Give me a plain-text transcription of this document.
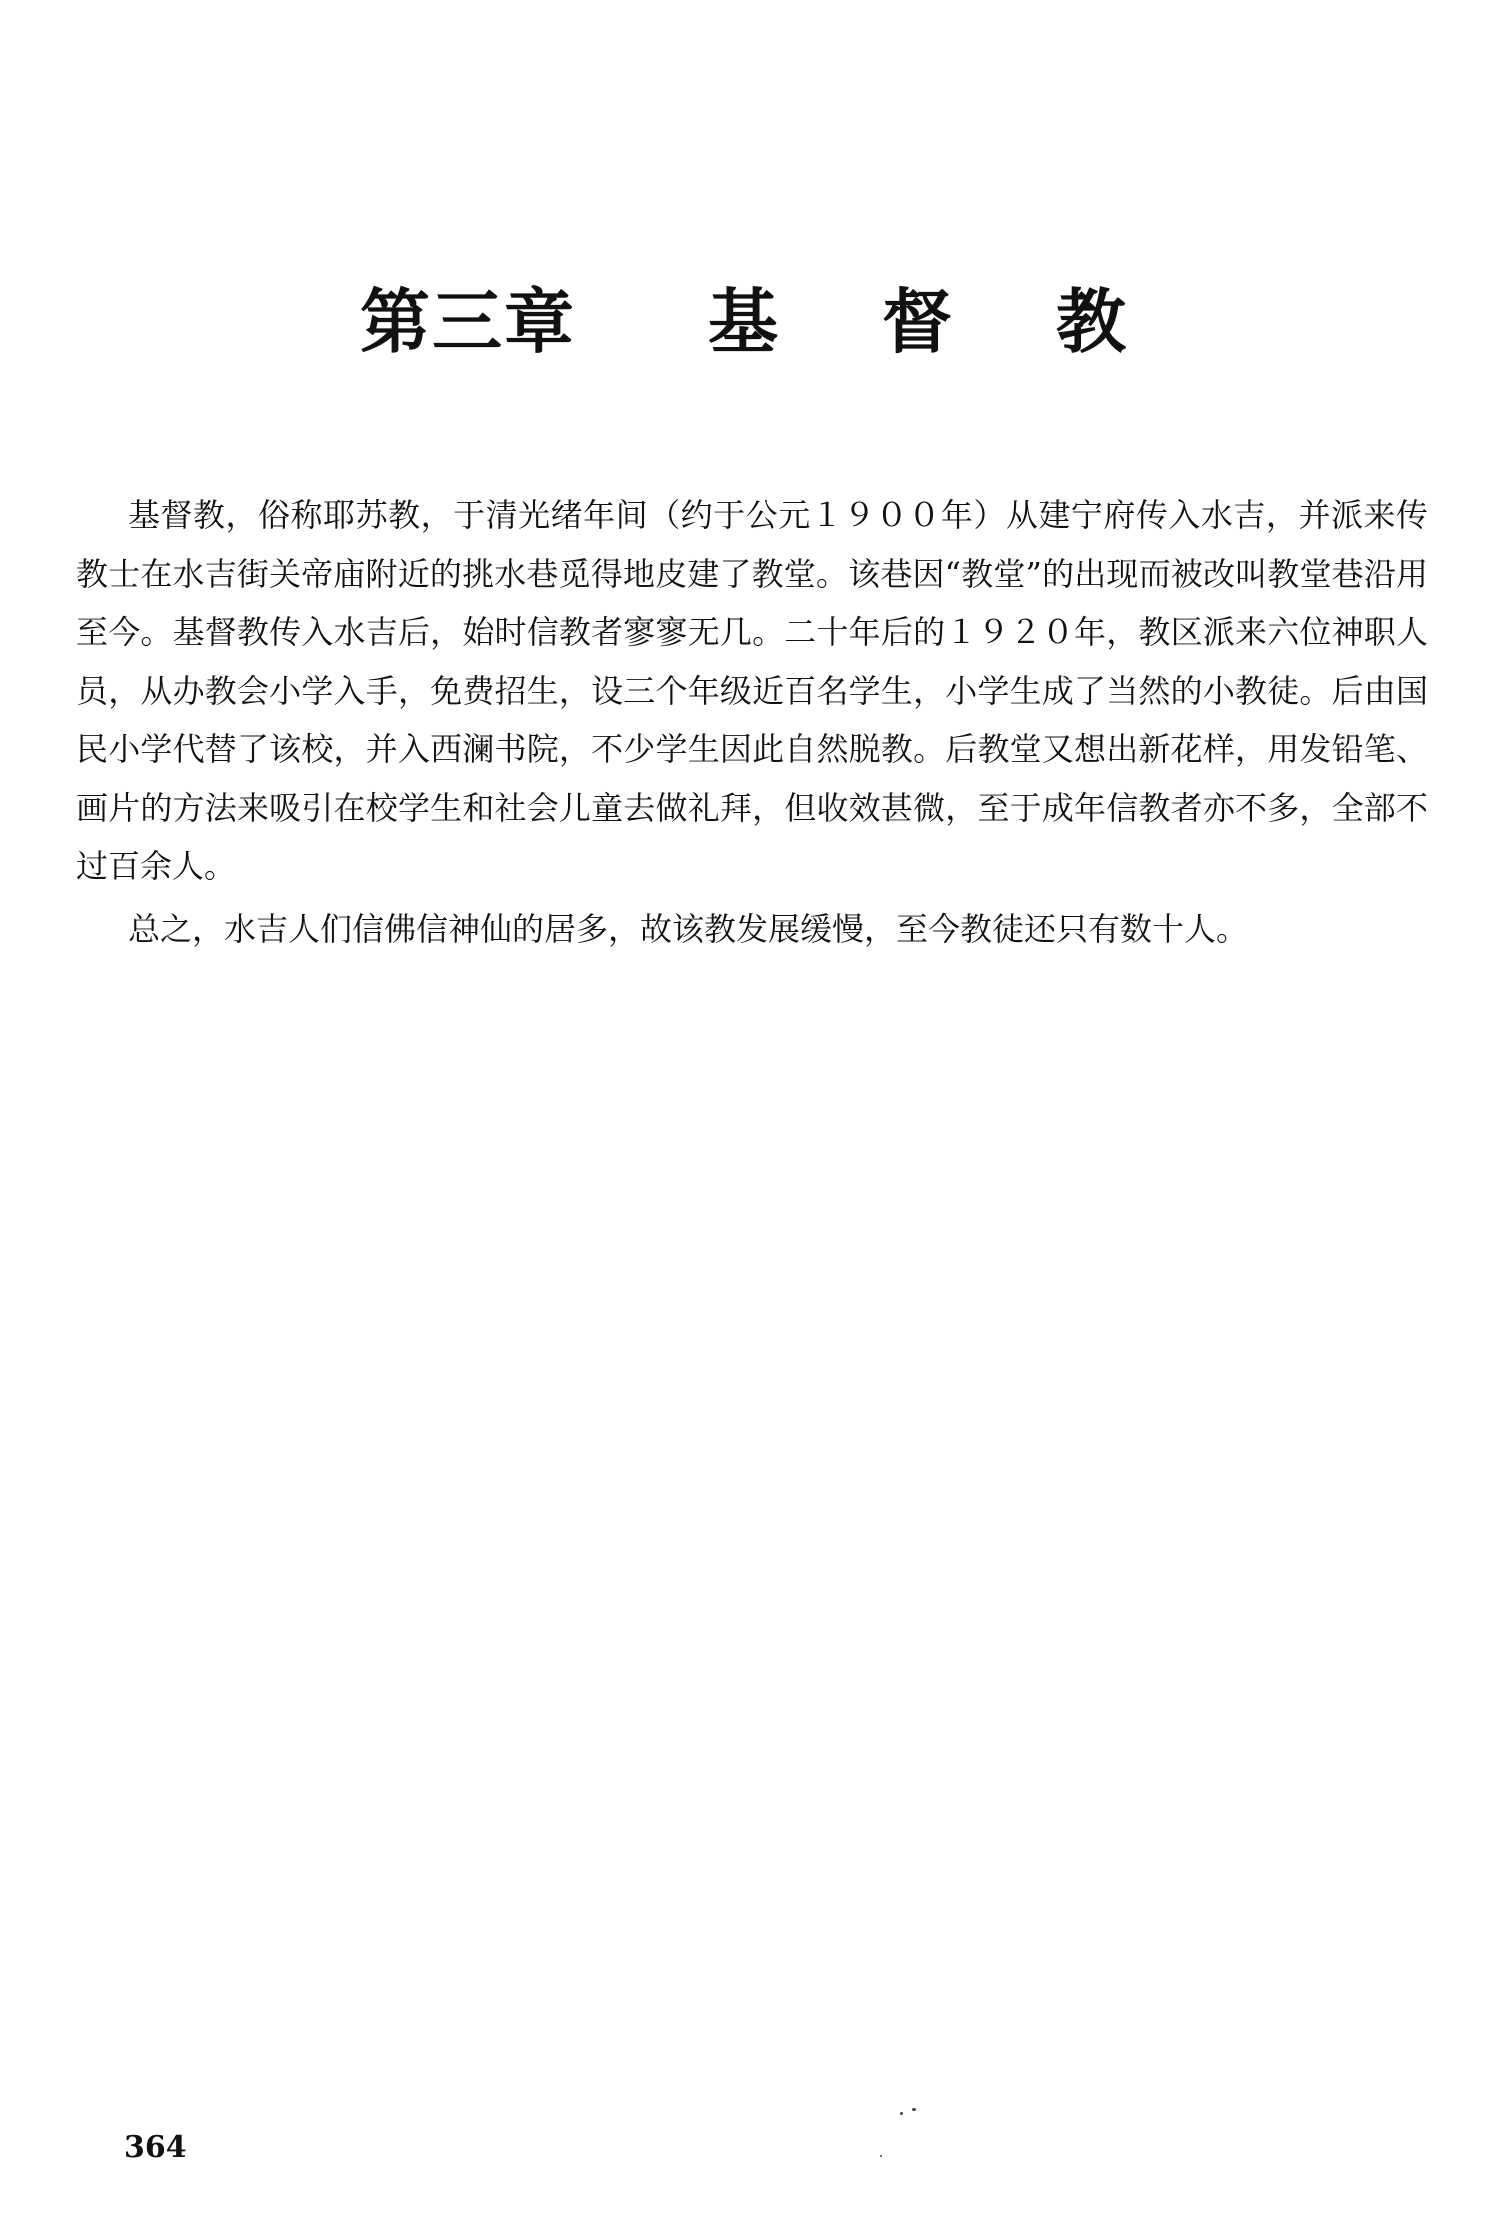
第三章 基 督 教

基督教，俗称耶苏教，于清光绪年间（约于公元１９００年）从建宁府传入水吉，并派来传教士在水吉街关帝庙附近的挑水巷觅得地皮建了教堂。该巷因“教堂”的出现而被改叫教堂巷沿用至今。基督教传入水吉后，始时信教者寥寥无几。二十年后的１９２０年，教区派来六位神职人员，从办教会小学入手，免费招生，设三个年级近百名学生，小学生成了当然的小教徒。后由国民小学代替了该校，并入西澜书院，不少学生因此自然脱教。后教堂又想出新花样，用发铅笔、画片的方法来吸引在校学生和社会儿童去做礼拜，但收效甚微，至于成年信教者亦不多，全部不过百余人。

总之，水吉人们信佛信神仙的居多，故该教发展缓慢，至今教徒还只有数十人。

364
